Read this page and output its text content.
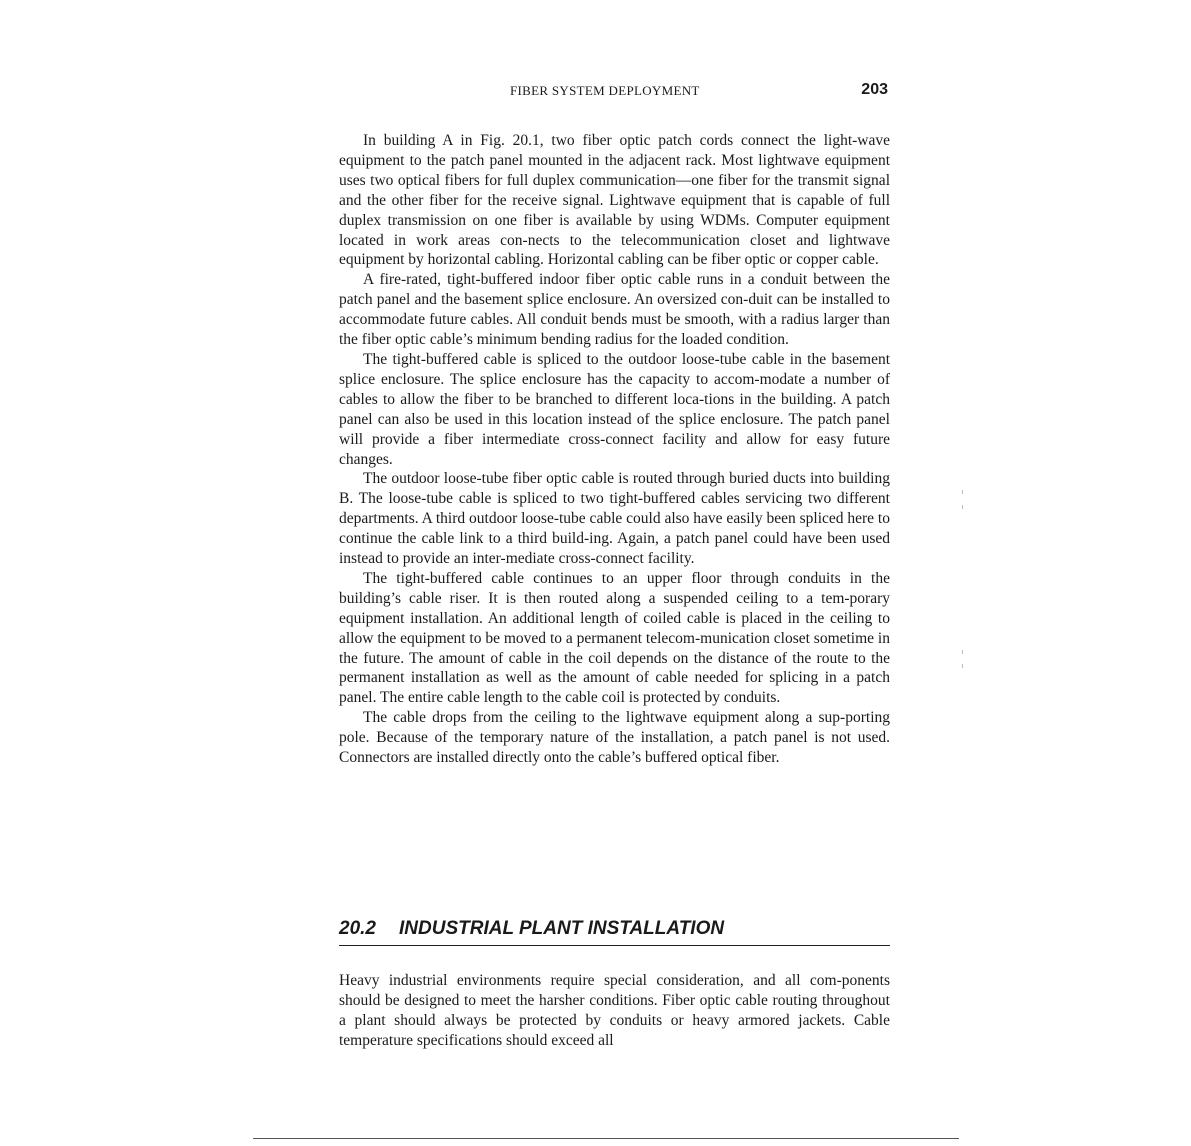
FIBER SYSTEM DEPLOYMENT	203

In building A in Fig. 20.1, two fiber optic patch cords connect the light-wave equipment to the patch panel mounted in the adjacent rack. Most lightwave equipment uses two optical fibers for full duplex communication—one fiber for the transmit signal and the other fiber for the receive signal. Lightwave equipment that is capable of full duplex transmission on one fiber is available by using WDMs. Computer equipment located in work areas con-nects to the telecommunication closet and lightwave equipment by horizontal cabling. Horizontal cabling can be fiber optic or copper cable.

A fire-rated, tight-buffered indoor fiber optic cable runs in a conduit between the patch panel and the basement splice enclosure. An oversized con-duit can be installed to accommodate future cables. All conduit bends must be smooth, with a radius larger than the fiber optic cable’s minimum bending radius for the loaded condition.

The tight-buffered cable is spliced to the outdoor loose-tube cable in the basement splice enclosure. The splice enclosure has the capacity to accom-modate a number of cables to allow the fiber to be branched to different loca-tions in the building. A patch panel can also be used in this location instead of the splice enclosure. The patch panel will provide a fiber intermediate cross-connect facility and allow for easy future changes.

The outdoor loose-tube fiber optic cable is routed through buried ducts into building B. The loose-tube cable is spliced to two tight-buffered cables servicing two different departments. A third outdoor loose-tube cable could also have easily been spliced here to continue the cable link to a third build-ing. Again, a patch panel could have been used instead to provide an inter-mediate cross-connect facility.

The tight-buffered cable continues to an upper floor through conduits in the building’s cable riser. It is then routed along a suspended ceiling to a tem-porary equipment installation. An additional length of coiled cable is placed in the ceiling to allow the equipment to be moved to a permanent telecom-munication closet sometime in the future. The amount of cable in the coil depends on the distance of the route to the permanent installation as well as the amount of cable needed for splicing in a patch panel. The entire cable length to the cable coil is protected by conduits.

The cable drops from the ceiling to the lightwave equipment along a sup-porting pole. Because of the temporary nature of the installation, a patch panel is not used. Connectors are installed directly onto the cable’s buffered optical fiber.

20.2 INDUSTRIAL PLANT INSTALLATION

Heavy industrial environments require special consideration, and all com-ponents should be designed to meet the harsher conditions. Fiber optic cable routing throughout a plant should always be protected by conduits or heavy armored jackets. Cable temperature specifications should exceed all
